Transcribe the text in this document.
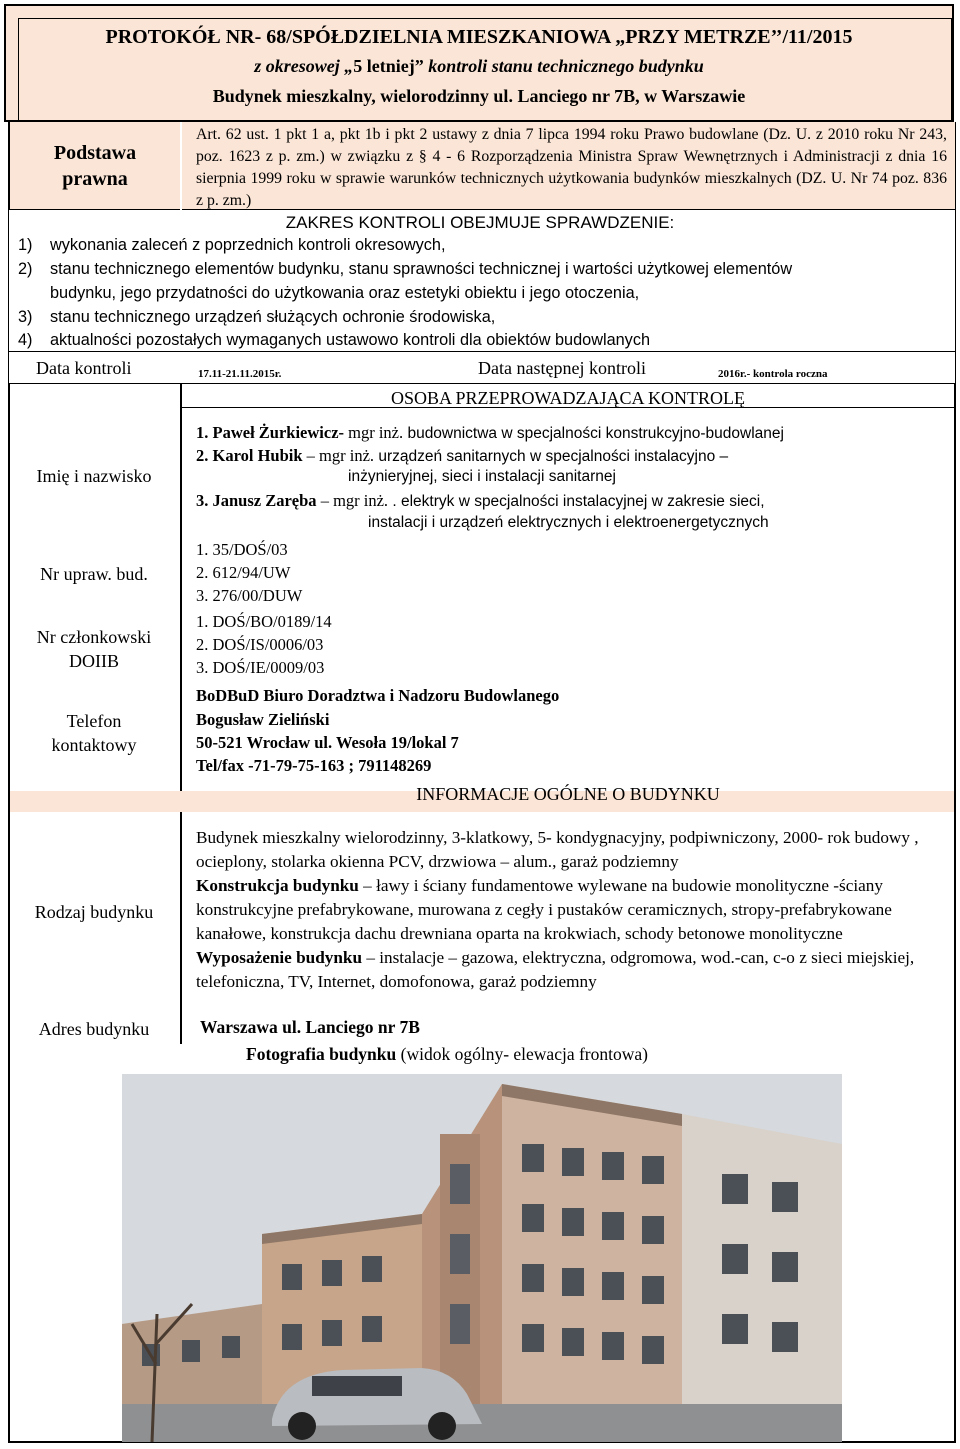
PROTOKÓŁ NR- 68/SPÓŁDZIELNIA MIESZKANIOWA „PRZY METRZE’’/11/2015
z okresowej „5 letniej” kontroli stanu technicznego budynku
Budynek mieszkalny, wielorodzinny ul. Lanciego nr 7B, w Warszawie
Podstawa
prawna
Art. 62 ust. 1 pkt 1 a, pkt 1b i pkt 2 ustawy z dnia 7 lipca 1994 roku Prawo budowlane (Dz. U. z 2010 roku Nr 243, poz. 1623 z p. zm.) w związku z § 4 - 6 Rozporządzenia Ministra Spraw Wewnętrznych i Administracji z dnia 16 sierpnia 1999 roku w sprawie warunków technicznych użytkowania budynków mieszkalnych (DZ. U. Nr 74 poz. 836 z p. zm.)
ZAKRES KONTROLI OBEJMUJE SPRAWDZENIE:
1) wykonania zaleceń z poprzednich kontroli okresowych,
2) stanu technicznego elementów budynku, stanu sprawności technicznej i wartości użytkowej elementów
budynku, jego przydatności do użytkowania oraz estetyki obiektu i jego otoczenia,
3) stanu technicznego urządzeń służących ochronie środowiska,
4) aktualności pozostałych wymaganych ustawowo kontroli dla obiektów budowlanych
Data kontroli	17.11-21.11.2015r.	Data następnej kontroli	2016r.- kontrola roczna
OSOBA PRZEPROWADZAJĄCA KONTROLĘ
Imię i nazwisko
1. Paweł Żurkiewicz- mgr inż. budownictwa w specjalności konstrukcyjno-budowlanej
2. Karol Hubik – mgr inż. urządzeń sanitarnych w specjalności instalacyjno –
inżynieryjnej, sieci i instalacji sanitarnej
3. Janusz Zaręba – mgr inż. . elektryk w specjalności instalacyjnej w zakresie sieci,
instalacji i urządzeń elektrycznych i elektroenergetycznych
Nr upraw. bud.
1. 35/DOŚ/03
2. 612/94/UW
3. 276/00/DUW
Nr członkowski
DOIIB
1. DOŚ/BO/0189/14
2. DOŚ/IS/0006/03
3. DOŚ/IE/0009/03
Telefon
kontaktowy
BoDBuD Biuro Doradztwa i Nadzoru Budowlanego
Bogusław Zieliński
50-521 Wrocław ul. Wesoła 19/lokal 7
Tel/fax -71-79-75-163 ; 791148269
INFORMACJE OGÓLNE O BUDYNKU
Rodzaj budynku
Budynek mieszkalny wielorodzinny, 3-klatkowy, 5- kondygnacyjny, podpiwniczony, 2000- rok budowy , ocieplony, stolarka okienna PCV, drzwiowa – alum., garaż podziemny
Konstrukcja budynku – ławy i ściany fundamentowe wylewane na budowie monolityczne -ściany konstrukcyjne prefabrykowane, murowana z cegły i pustaków ceramicznych, stropy-prefabrykowane kanałowe, konstrukcja dachu drewniana oparta na krokwiach, schody betonowe monolityczne
Wyposażenie budynku – instalacje – gazowa, elektryczna, odgromowa, wod.-can, c-o z sieci miejskiej, telefoniczna, TV, Internet, domofonowa, garaż podziemny
Adres budynku	Warszawa ul. Lanciego nr 7B
Fotografia budynku (widok ogólny- elewacja frontowa)
